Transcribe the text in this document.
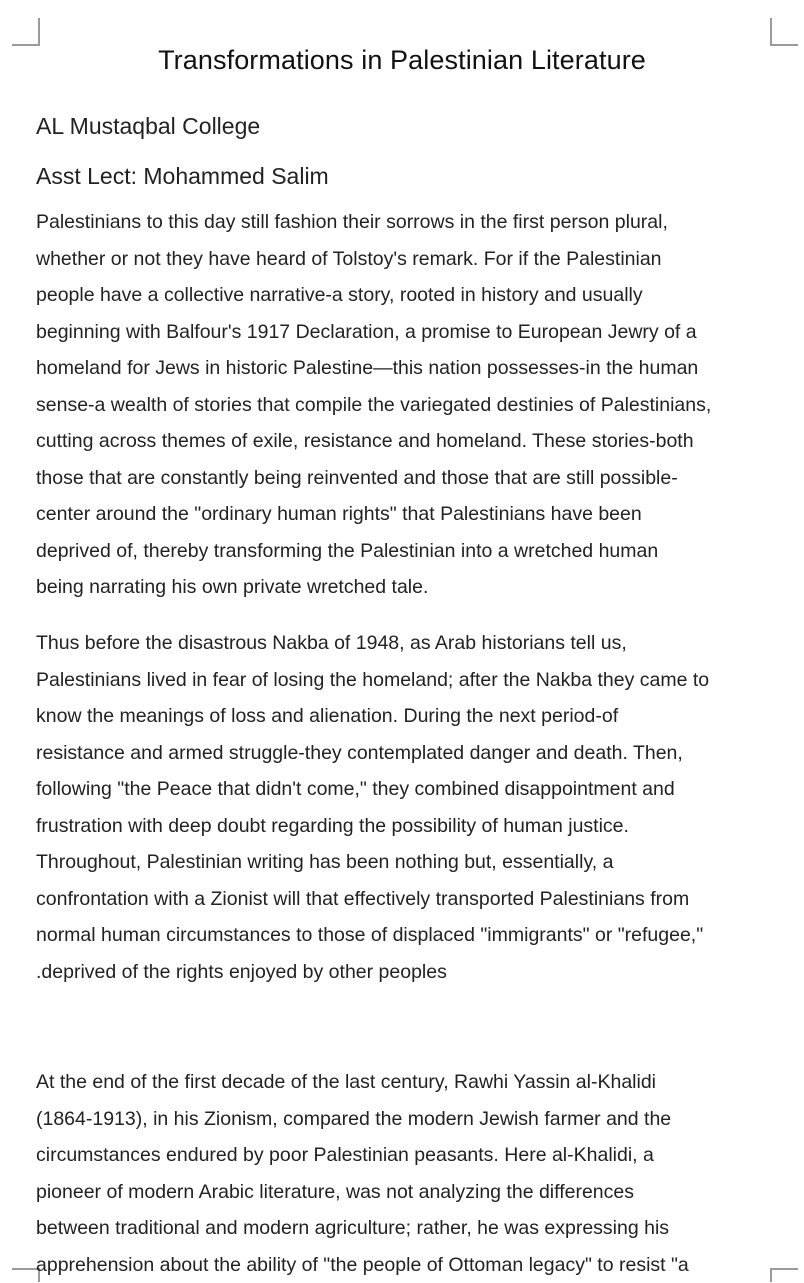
Transformations in Palestinian Literature
AL Mustaqbal College
Asst Lect: Mohammed Salim

Palestinians to this day still fashion their sorrows in the first person plural,
whether or not they have heard of Tolstoy's remark. For if the Palestinian
people have a collective narrative-a story, rooted in history and usually
beginning with Balfour's 1917 Declaration, a promise to European Jewry of a
homeland for Jews in historic Palestine—this nation possesses-in the human
sense-a wealth of stories that compile the variegated destinies of Palestinians,
cutting across themes of exile, resistance and homeland. These stories-both
those that are constantly being reinvented and those that are still possible-
center around the "ordinary human rights" that Palestinians have been
deprived of, thereby transforming the Palestinian into a wretched human
being narrating his own private wretched tale.

Thus before the disastrous Nakba of 1948, as Arab historians tell us,
Palestinians lived in fear of losing the homeland; after the Nakba they came to
know the meanings of loss and alienation. During the next period-of
resistance and armed struggle-they contemplated danger and death. Then,
following "the Peace that didn't come," they combined disappointment and
frustration with deep doubt regarding the possibility of human justice.
Throughout, Palestinian writing has been nothing but, essentially, a
confrontation with a Zionist will that effectively transported Palestinians from
normal human circumstances to those of displaced "immigrants" or "refugee,"
.deprived of the rights enjoyed by other peoples

At the end of the first decade of the last century, Rawhi Yassin al-Khalidi
(1864-1913), in his Zionism, compared the modern Jewish farmer and the
circumstances endured by poor Palestinian peasants. Here al-Khalidi, a
pioneer of modern Arabic literature, was not analyzing the differences
between traditional and modern agriculture; rather, he was expressing his
apprehension about the ability of "the people of Ottoman legacy" to resist "a
